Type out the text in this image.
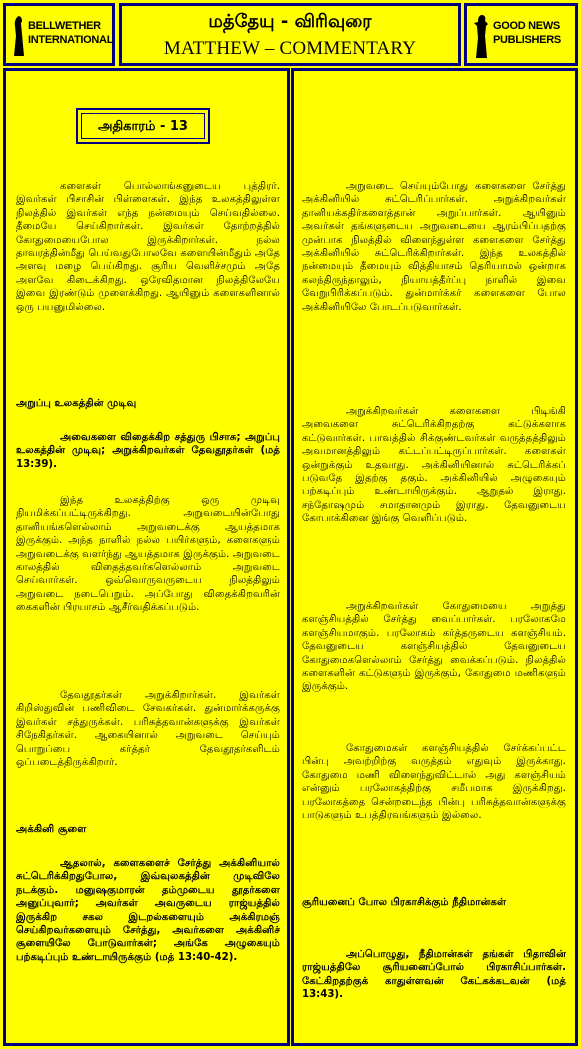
BELLWETHER
INTERNATIONAL
மத்தேயு - விரிவுரை
MATTHEW – COMMENTARY
GOOD NEWS
PUBLISHERS
அதிகாரம் - 13

களைகள் பொல்லாங்கனுடைய புத்திரர். இவர்கள் பிசாசின் பிள்ளைகள். இந்த உலகத்திலுள்ள நிலத்தில் இவர்கள் எந்த நன்மையும் செய்வதில்லை. தீமையே செய்கிறார்கள். இவர்கள் தோற்றத்தில் கோதுமையைபோல இருக்கிறார்கள். நல்ல தாவரத்தின்மீது பெய்வதுபோலவே களையின்மீதும் அதே அளவு மழை பெய்கிறது. சூரிய வெளிச்சமும் அதே அளவே கிடைக்கிறது. ஒரேவிதமான நிலத்திலேயே இவை இரண்டும் முளைக்கிறது. ஆயினும் களைகளினால் ஒரு பயனுமில்லை.

அறுப்பு உலகத்தின் முடிவு

அவைகளை விதைக்கிற சத்துரு பிசாசு; அறுப்பு உலகத்தின் முடிவு; அறுக்கிறவர்கள் தேவதூதர்கள் (மத் 13:39).

இந்த உலகத்திற்கு ஒரு முடிவு நியமிக்கப்பட்டிருக்கிறது. அறுவடையின்போது தானியங்களெல்லாம் அறுவடைக்கு ஆயத்தமாக இருக்கும். அந்த நாளில் நல்ல பயிர்களும், களைகளும் அறுவடைக்கு வளர்ந்து ஆயத்தமாக இருக்கும். அறுவடை காலத்தில் விதைத்தவர்களெல்லாம் அறுவடை செய்வார்கள். ஒவ்வொருவருடைய நிலத்திலும் அறுவடை நடைபெறும். அப்போது விதைக்கிறவரின் கைகளின் பிரயாசம் ஆசீர்வதிக்கப்படும்.

தேவதூதர்கள் அறுக்கிறார்கள். இவர்கள் கிறிஸ்துவின் பணிவிடை சேவகர்கள். துன்மார்க்கருக்கு இவர்கள் சத்துருக்கள். பரிசுத்தவான்களுக்கு இவர்கள் சிநேகிதர்கள். ஆகையினால் அறுவடை செய்யும் பொறுப்பை கர்த்தர் தேவதூதர்களிடம் ஒப்படைத்திருக்கிறார்.

அக்கினி சூளை

ஆதலால், களைகளைச் சேர்த்து அக்கினியால் சுட்டெரிக்கிறதுபோல, இவ்வுலகத்தின் முடிவிலே நடக்கும். மனுஷகுமாரன் தம்முடைய தூதர்களை அனுப்புவார்; அவர்கள் அவருடைய ராஜ்யத்தில் இருக்கிற சகல இடறல்களையும் அக்கிரமஞ் செய்கிறவர்களையும் சேர்த்து, அவர்களை அக்கினிச் சூளையிலே போடுவார்கள்; அங்கே அழுகையும் பற்கடிப்பும் உண்டாயிருக்கும் (மத் 13:40-42).

அறுவடை செய்யும்போது களைகளை சேர்த்து அக்கினியில் சுட்டெரிப்பார்கள். அறுக்கிறவர்கள் தானியக்கதிர்களைத்தான் அறுப்பார்கள். ஆயினும் அவர்கள் தங்களுடைய அறுவடையை ஆரம்பிப்பதற்கு முன்பாக நிலத்தில் விளைந்துள்ள களைகளை சேர்த்து அக்கினியில் சுட்டெரிக்கிறார்கள். இந்த உலகத்தில் நன்மையும் தீமையும் வித்தியாசம் தெரியாமல் ஒன்றாக கலந்திருந்தாலும், நியாயத்தீர்ப்பு நாளில் இவை வேறுபிரிக்கப்படும். துன்மார்க்கர் களைகளை போல அக்கினியிலே போடப்படுவார்கள்.

அறுக்கிறவர்கள் களைகளை பிடிங்கி அவைகளை சுட்டெரிக்கிறதற்கு கட்டுக்களாக கட்டுவார்கள். பாவத்தில் சிக்குண்டவர்கள் வருத்தத்திலும் அவமானத்திலும் கட்டப்பட்டிருப்பார்கள். களைகள் ஒன்றுக்கும் உதவாது. அக்கினியினால் சுட்டெரிக்கப் படுவதே இதற்கு தகும். அக்கினியில் அழுகையும் பற்கடிப்பும் உண்டாயிருக்கும். ஆறுதல் இராது. சந்தோஷமும் சமாதானமும் இராது. தேவனுடைய கோபாக்கினை இங்கு வெளிப்படும்.

அறுக்கிறவர்கள் கோதுமையை அறுத்து களஞ்சியத்தில் சேர்த்து வைப்பார்கள். பரலோகமே களஞ்சியமாகும். பரலோகம் கர்த்தருடைய களஞ்சியம். தேவனுடைய களஞ்சியத்தில் தேவனுடைய கோதுமைகளெல்லாம் சேர்த்து வைக்கப்படும். நிலத்தில் களைகளின் கட்டுகளும் இருக்கும், கோதுமை மணிகளும் இருக்கும்.

கோதுமைகள் களஞ்சியத்தில் சேர்க்கப்பட்ட பின்பு அவற்றிற்கு வருத்தம் எதுவும் இருக்காது. கோதுமை மணி விளைந்துவிட்டால் அது களஞ்சியம் என்னும் பரலோகத்திற்கு சமீபமாக இருக்கிறது. பரலோகத்தை சென்றடைந்த பின்பு பரிசுத்தவான்களுக்கு பாடுகளும் உபத்திரவங்களும் இல்லை.

சூரியனைப் போல பிரகாசிக்கும் நீதிமான்கள்

அப்பொழுது, நீதிமான்கள் தங்கள் பிதாவின் ராஜ்யத்திலே சூரியனைப்போல் பிரகாசிப்பார்கள். கேட்கிறதற்குக் காதுள்ளவன் கேட்கக்கடவன் (மத் 13:43).
